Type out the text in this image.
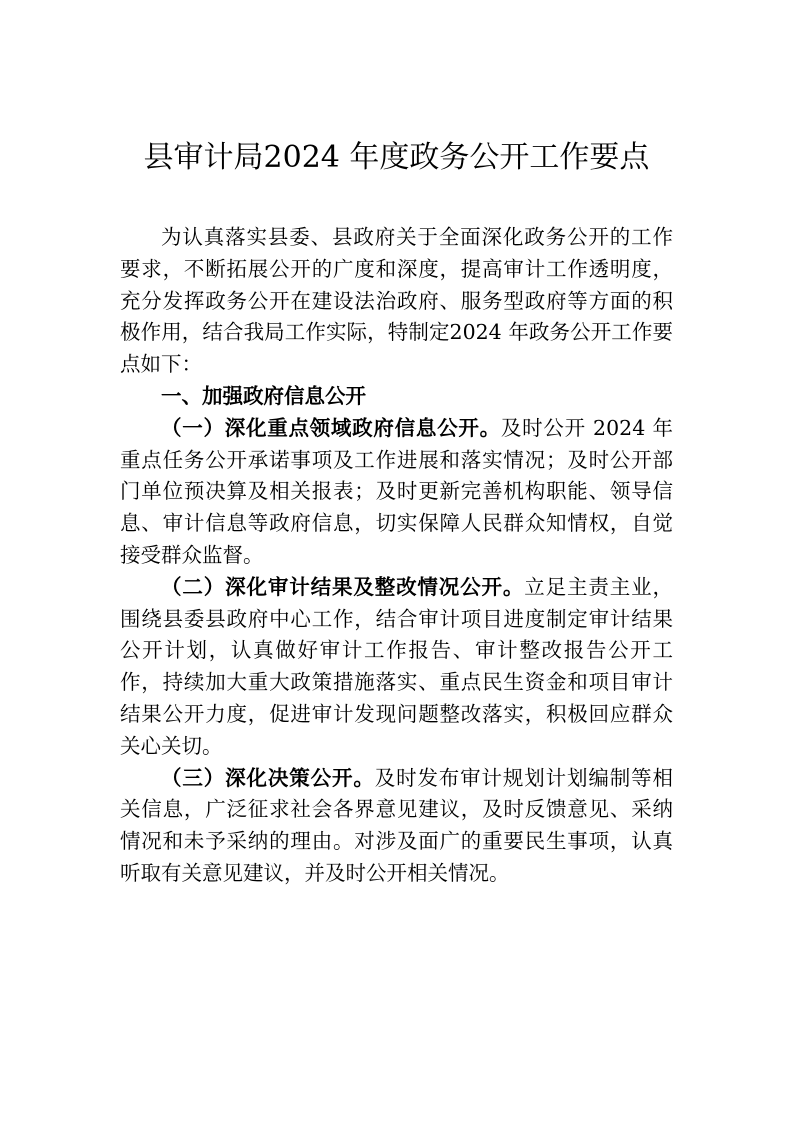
县审计局2024 年度政务公开工作要点

为认真落实县委、县政府关于全面深化政务公开的工作要求，不断拓展公开的广度和深度，提高审计工作透明度，充分发挥政务公开在建设法治政府、服务型政府等方面的积极作用，结合我局工作实际，特制定2024 年政务公开工作要点如下：

一、加强政府信息公开

（一）深化重点领域政府信息公开。及时公开 2024 年重点任务公开承诺事项及工作进展和落实情况；及时公开部门单位预决算及相关报表；及时更新完善机构职能、领导信息、审计信息等政府信息，切实保障人民群众知情权，自觉接受群众监督。

（二）深化审计结果及整改情况公开。立足主责主业，围绕县委县政府中心工作，结合审计项目进度制定审计结果公开计划，认真做好审计工作报告、审计整改报告公开工作，持续加大重大政策措施落实、重点民生资金和项目审计结果公开力度，促进审计发现问题整改落实，积极回应群众关心关切。

（三）深化决策公开。及时发布审计规划计划编制等相关信息，广泛征求社会各界意见建议，及时反馈意见、采纳情况和未予采纳的理由。对涉及面广的重要民生事项，认真听取有关意见建议，并及时公开相关情况。
